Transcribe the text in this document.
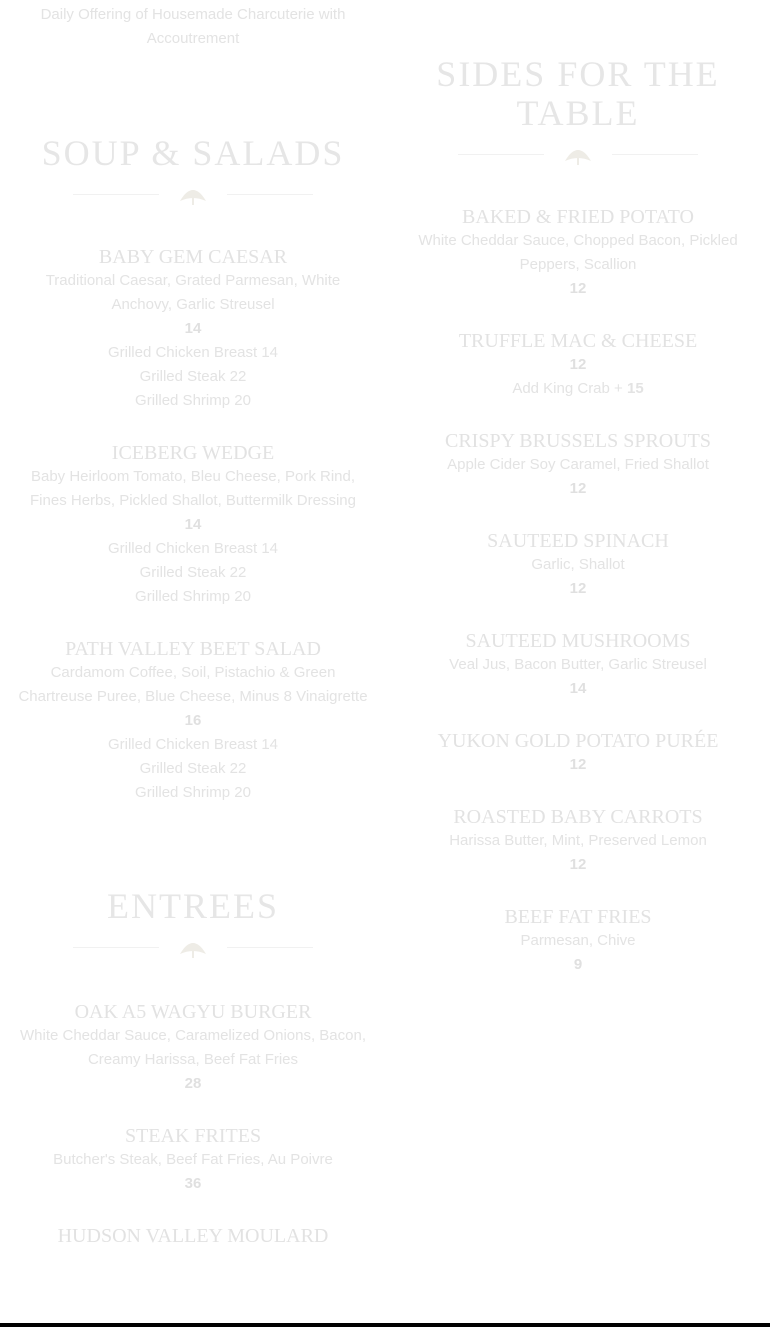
Daily Offering of Housemade Charcuterie with Accoutrement
SOUP & SALADS
BABY GEM CAESAR
Traditional Caesar, Grated Parmesan, White Anchovy, Garlic Streusel
14
Grilled Chicken Breast 14
Grilled Steak 22
Grilled Shrimp 20
ICEBERG WEDGE
Baby Heirloom Tomato, Bleu Cheese, Pork Rind, Fines Herbs, Pickled Shallot, Buttermilk Dressing
14
Grilled Chicken Breast 14
Grilled Steak 22
Grilled Shrimp 20
PATH VALLEY BEET SALAD
Cardamom Coffee, Soil, Pistachio & Green Chartreuse Puree, Blue Cheese, Minus 8 Vinaigrette
16
Grilled Chicken Breast 14
Grilled Steak 22
Grilled Shrimp 20
ENTREES
OAK A5 WAGYU BURGER
White Cheddar Sauce, Caramelized Onions, Bacon, Creamy Harissa, Beef Fat Fries
28
STEAK FRITES
Butcher's Steak, Beef Fat Fries, Au Poivre
36
HUDSON VALLEY MOULARD
SIDES FOR THE TABLE
BAKED & FRIED POTATO
White Cheddar Sauce, Chopped Bacon, Pickled Peppers, Scallion
12
TRUFFLE MAC & CHEESE
12
Add King Crab + 15
CRISPY BRUSSELS SPROUTS
Apple Cider Soy Caramel, Fried Shallot
12
SAUTEED SPINACH
Garlic, Shallot
12
SAUTEED MUSHROOMS
Veal Jus, Bacon Butter, Garlic Streusel
14
YUKON GOLD POTATO PURÉE
12
ROASTED BABY CARROTS
Harissa Butter, Mint, Preserved Lemon
12
BEEF FAT FRIES
Parmesan, Chive
9
